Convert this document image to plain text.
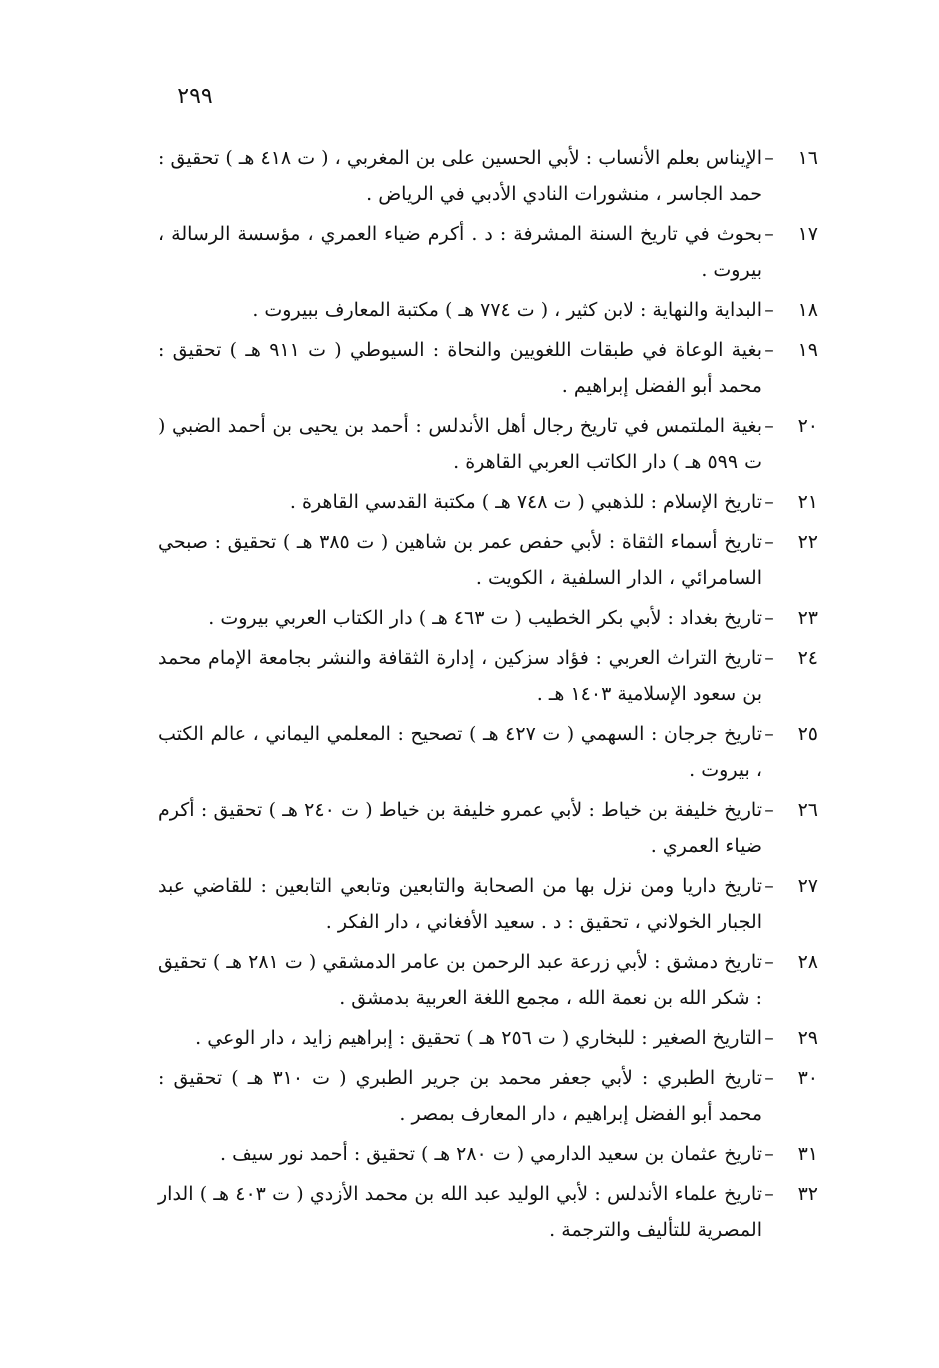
٢٩٩
١٦
–
الإيناس بعلم الأنساب : لأبي الحسين على بن المغربي ، ( ت ٤١٨ هـ ) تحقيق : حمد الجاسر ، منشورات النادي الأدبي في الرياض .
١٧
–
بحوث في تاريخ السنة المشرفة : د . أكرم ضياء العمري ، مؤسسة الرسالة ، بيروت .
١٨
–
البداية والنهاية : لابن كثير ، ( ت ٧٧٤ هـ ) مكتبة المعارف ببيروت .
١٩
–
بغية الوعاة في طبقات اللغويين والنحاة : السيوطي ( ت ٩١١ هـ ) تحقيق : محمد أبو الفضل إبراهيم .
٢٠
–
بغية الملتمس في تاريخ رجال أهل الأندلس : أحمد بن يحيى بن أحمد الضبي ( ت ٥٩٩ هـ ) دار الكاتب العربي القاهرة .
٢١
–
تاريخ الإسلام : للذهبي ( ت ٧٤٨ هـ ) مكتبة القدسي القاهرة .
٢٢
–
تاريخ أسماء الثقاة : لأبي حفص عمر بن شاهين ( ت ٣٨٥ هـ ) تحقيق : صبحي السامرائي ، الدار السلفية ، الكويت .
٢٣
–
تاريخ بغداد : لأبي بكر الخطيب ( ت ٤٦٣ هـ ) دار الكتاب العربي بيروت .
٢٤
–
تاريخ التراث العربي : فؤاد سزكين ، إدارة الثقافة والنشر بجامعة الإمام محمد بن سعود الإسلامية ١٤٠٣ هـ .
٢٥
–
تاريخ جرجان : السهمي ( ت ٤٢٧ هـ ) تصحيح : المعلمي اليماني ، عالم الكتب ، بيروت .
٢٦
–
تاريخ خليفة بن خياط : لأبي عمرو خليفة بن خياط ( ت ٢٤٠ هـ ) تحقيق : أكرم ضياء العمري .
٢٧
–
تاريخ داريا ومن نزل بها من الصحابة والتابعين وتابعي التابعين : للقاضي عبد الجبار الخولاني ، تحقيق : د . سعيد الأفغاني ، دار الفكر .
٢٨
–
تاريخ دمشق : لأبي زرعة عبد الرحمن بن عامر الدمشقي ( ت ٢٨١ هـ ) تحقيق : شكر الله بن نعمة الله ، مجمع اللغة العربية بدمشق .
٢٩
–
التاريخ الصغير : للبخاري ( ت ٢٥٦ هـ ) تحقيق : إبراهيم زايد ، دار الوعي .
٣٠
–
تاريخ الطبري : لأبي جعفر محمد بن جرير الطبري ( ت ٣١٠ هـ ) تحقيق : محمد أبو الفضل إبراهيم ، دار المعارف بمصر .
٣١
–
تاريخ عثمان بن سعيد الدارمي ( ت ٢٨٠ هـ ) تحقيق : أحمد نور سيف .
٣٢
–
تاريخ علماء الأندلس : لأبي الوليد عبد الله بن محمد الأزدي ( ت ٤٠٣ هـ ) الدار المصرية للتأليف والترجمة .
